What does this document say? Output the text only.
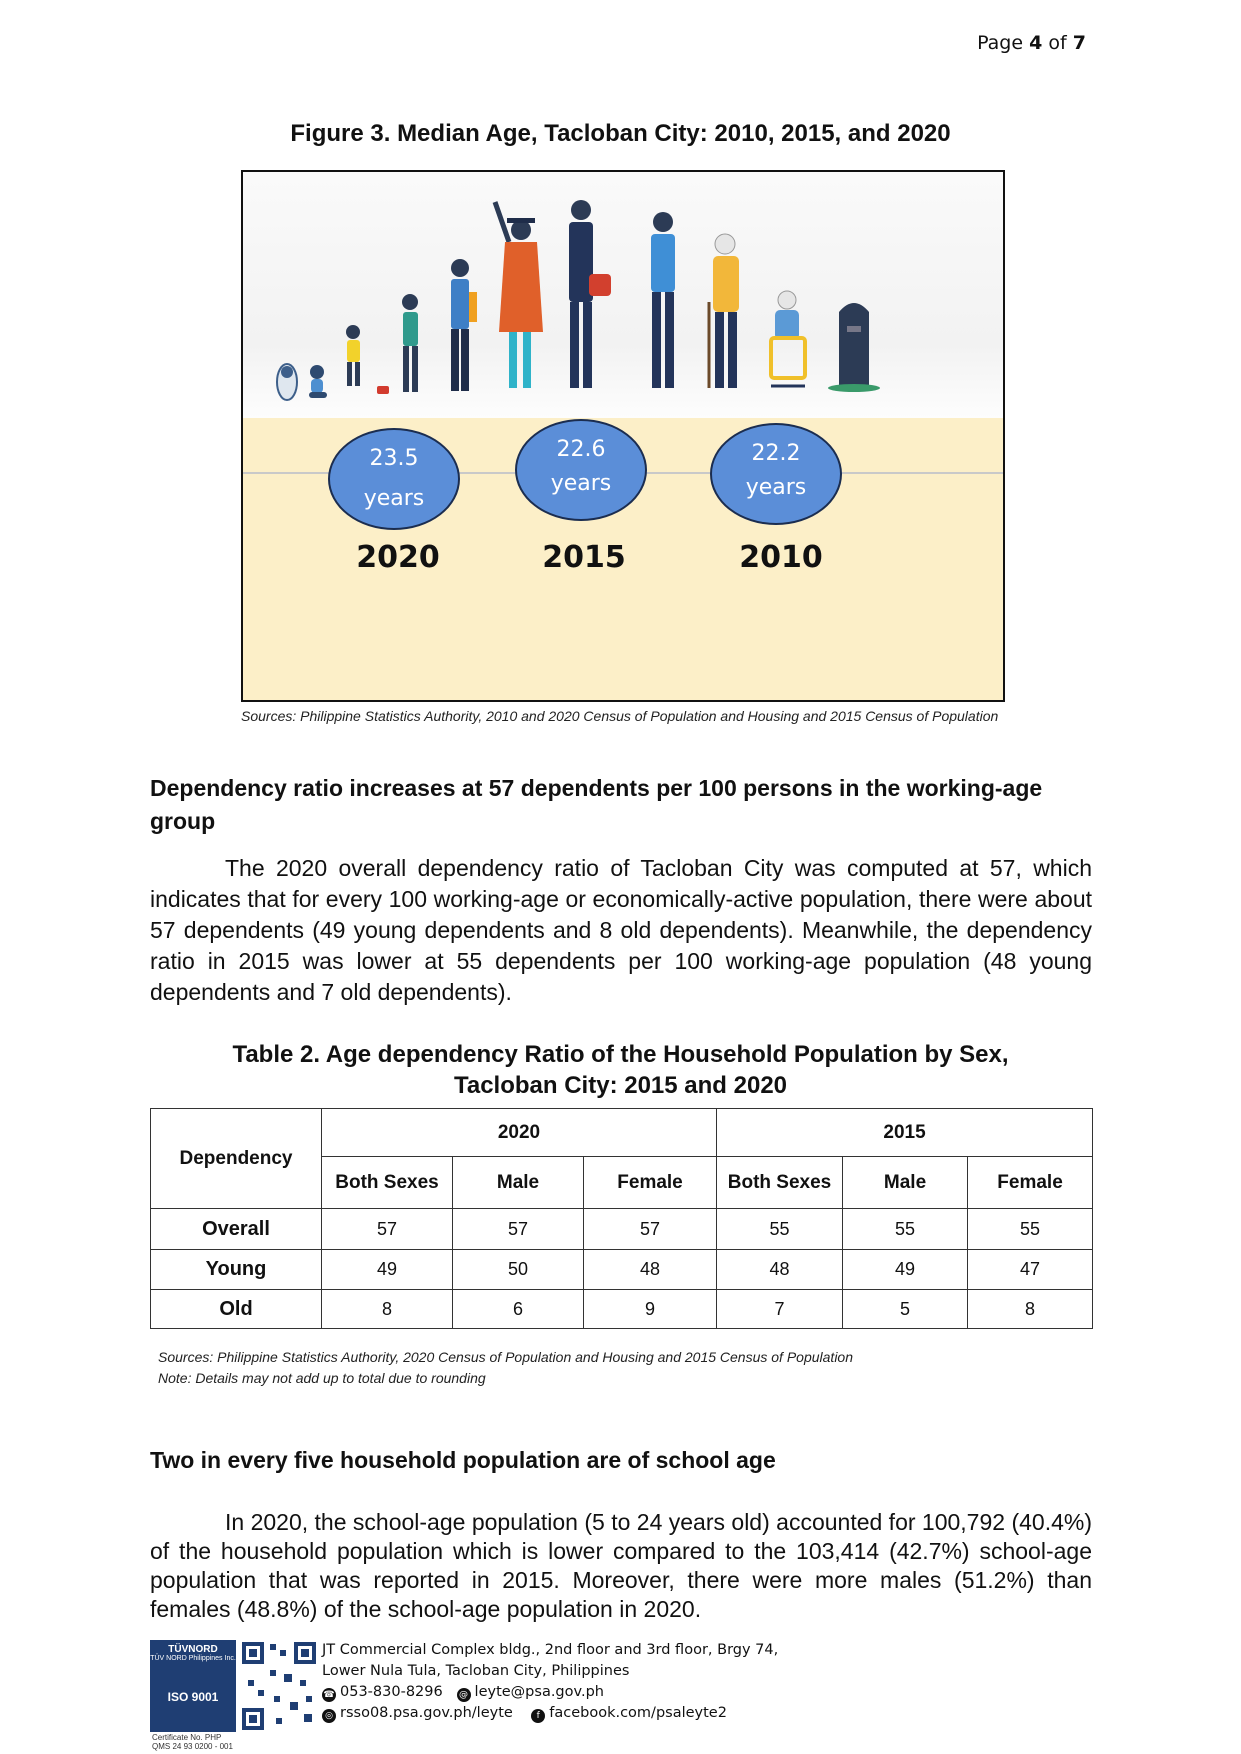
Page 4 of 7
Figure 3. Median Age, Tacloban City: 2010, 2015, and 2020
23.5
years
22.6
years
22.2
years
2020	2015	2010
Sources: Philippine Statistics Authority, 2010 and 2020 Census of Population and Housing and 2015 Census of Population
Dependency ratio increases at 57 dependents per 100 persons in the working-age group
The 2020 overall dependency ratio of Tacloban City was computed at 57, which indicates that for every 100 working-age or economically-active population, there were about 57 dependents (49 young dependents and 8 old dependents). Meanwhile, the dependency ratio in 2015 was lower at 55 dependents per 100 working-age population (48 young dependents and 7 old dependents).
Table 2. Age dependency Ratio of the Household Population by Sex,
Tacloban City: 2015 and 2020
Dependency	2020			2015		
	Both Sexes	Male	Female	Both Sexes	Male	Female
Overall	57	57	57	55	55	55
Young	49	50	48	48	49	47
Old	8	6	9	7	5	8
Sources: Philippine Statistics Authority, 2020 Census of Population and Housing and 2015 Census of Population
Note: Details may not add up to total due to rounding
Two in every five household population are of school age
In 2020, the school-age population (5 to 24 years old) accounted for 100,792 (40.4%) of the household population which is lower compared to the 103,414 (42.7%) school-age population that was reported in 2015. Moreover, there were more males (51.2%) than females (48.8%) of the school-age population in 2020.
TÜVNORD
TÜV NORD Philippines Inc.
ISO 9001
Certificate No. PHP
QMS 24 93 0200 - 001
JT Commercial Complex bldg., 2nd floor and 3rd floor, Brgy 74,
Lower Nula Tula, Tacloban City, Philippines
☎ 053-830-8296 @ leyte@psa.gov.ph
◎ rsso08.psa.gov.ph/leyte	f facebook.com/psaleyte2
